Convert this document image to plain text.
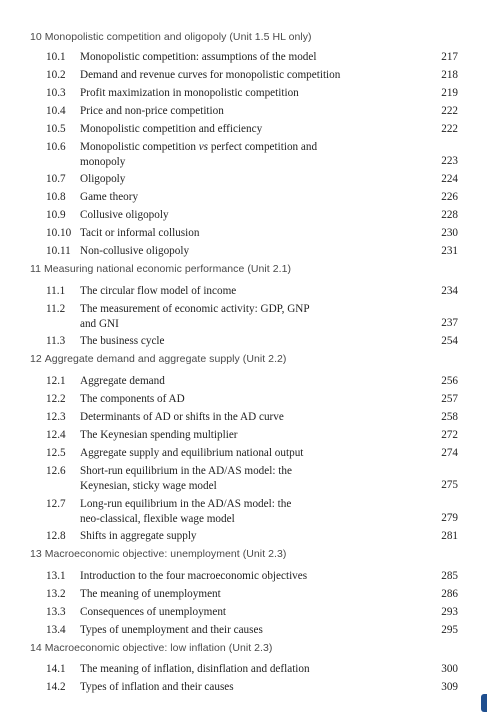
10 Monopolistic competition and oligopoly (Unit 1.5 HL only)
10.1 Monopolistic competition: assumptions of the model	217
10.2 Demand and revenue curves for monopolistic competition	218
10.3 Profit maximization in monopolistic competition	219
10.4 Price and non-price competition	222
10.5 Monopolistic competition and efficiency	222
10.6 Monopolistic competition vs perfect competition and
monopoly	223
10.7 Oligopoly	224
10.8 Game theory	226
10.9 Collusive oligopoly	228
10.10 Tacit or informal collusion	230
10.11 Non-collusive oligopoly	231
11 Measuring national economic performance (Unit 2.1)
11.1 The circular flow model of income	234
11.2 The measurement of economic activity: GDP, GNP
and GNI	237
11.3 The business cycle	254
12 Aggregate demand and aggregate supply (Unit 2.2)
12.1 Aggregate demand	256
12.2 The components of AD	257
12.3 Determinants of AD or shifts in the AD curve	258
12.4 The Keynesian spending multiplier	272
12.5 Aggregate supply and equilibrium national output	274
12.6 Short-run equilibrium in the AD/AS model: the
Keynesian, sticky wage model	275
12.7 Long-run equilibrium in the AD/AS model: the
neo-classical, flexible wage model	279
12.8 Shifts in aggregate supply	281
13 Macroeconomic objective: unemployment (Unit 2.3)
13.1 Introduction to the four macroeconomic objectives	285
13.2 The meaning of unemployment	286
13.3 Consequences of unemployment	293
13.4 Types of unemployment and their causes	295
14 Macroeconomic objective: low inflation (Unit 2.3)
14.1 The meaning of inflation, disinflation and deflation	300
14.2 Types of inflation and their causes	309
